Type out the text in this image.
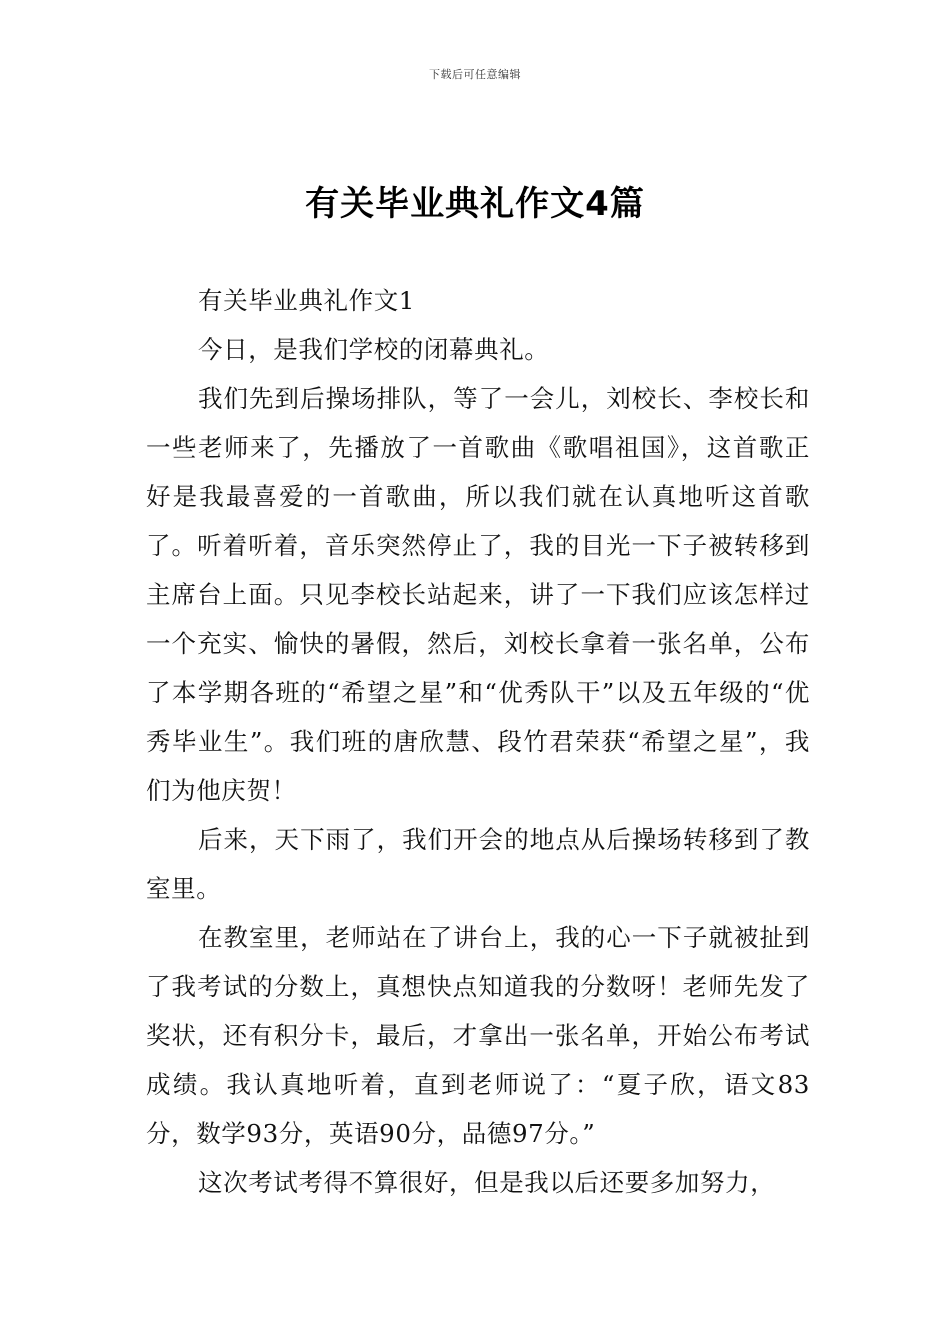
下载后可任意编辑
有关毕业典礼作文4篇

有关毕业典礼作文1

今日，是我们学校的闭幕典礼。

我们先到后操场排队，等了一会儿，刘校长、李校长和一些老师来了，先播放了一首歌曲《歌唱祖国》，这首歌正好是我最喜爱的一首歌曲，所以我们就在认真地听这首歌了。听着听着，音乐突然停止了，我的目光一下子被转移到主席台上面。只见李校长站起来，讲了一下我们应该怎样过一个充实、愉快的暑假，然后，刘校长拿着一张名单，公布了本学期各班的“希望之星”和“优秀队干”以及五年级的“优秀毕业生”。我们班的唐欣慧、段竹君荣获“希望之星”，我们为他庆贺！

后来，天下雨了，我们开会的地点从后操场转移到了教室里。

在教室里，老师站在了讲台上，我的心一下子就被扯到了我考试的分数上，真想快点知道我的分数呀！老师先发了奖状，还有积分卡，最后，才拿出一张名单，开始公布考试成绩。我认真地听着，直到老师说了：“夏子欣，语文83分，数学93分，英语90分，品德97分。”

这次考试考得不算很好，但是我以后还要多加努力，
